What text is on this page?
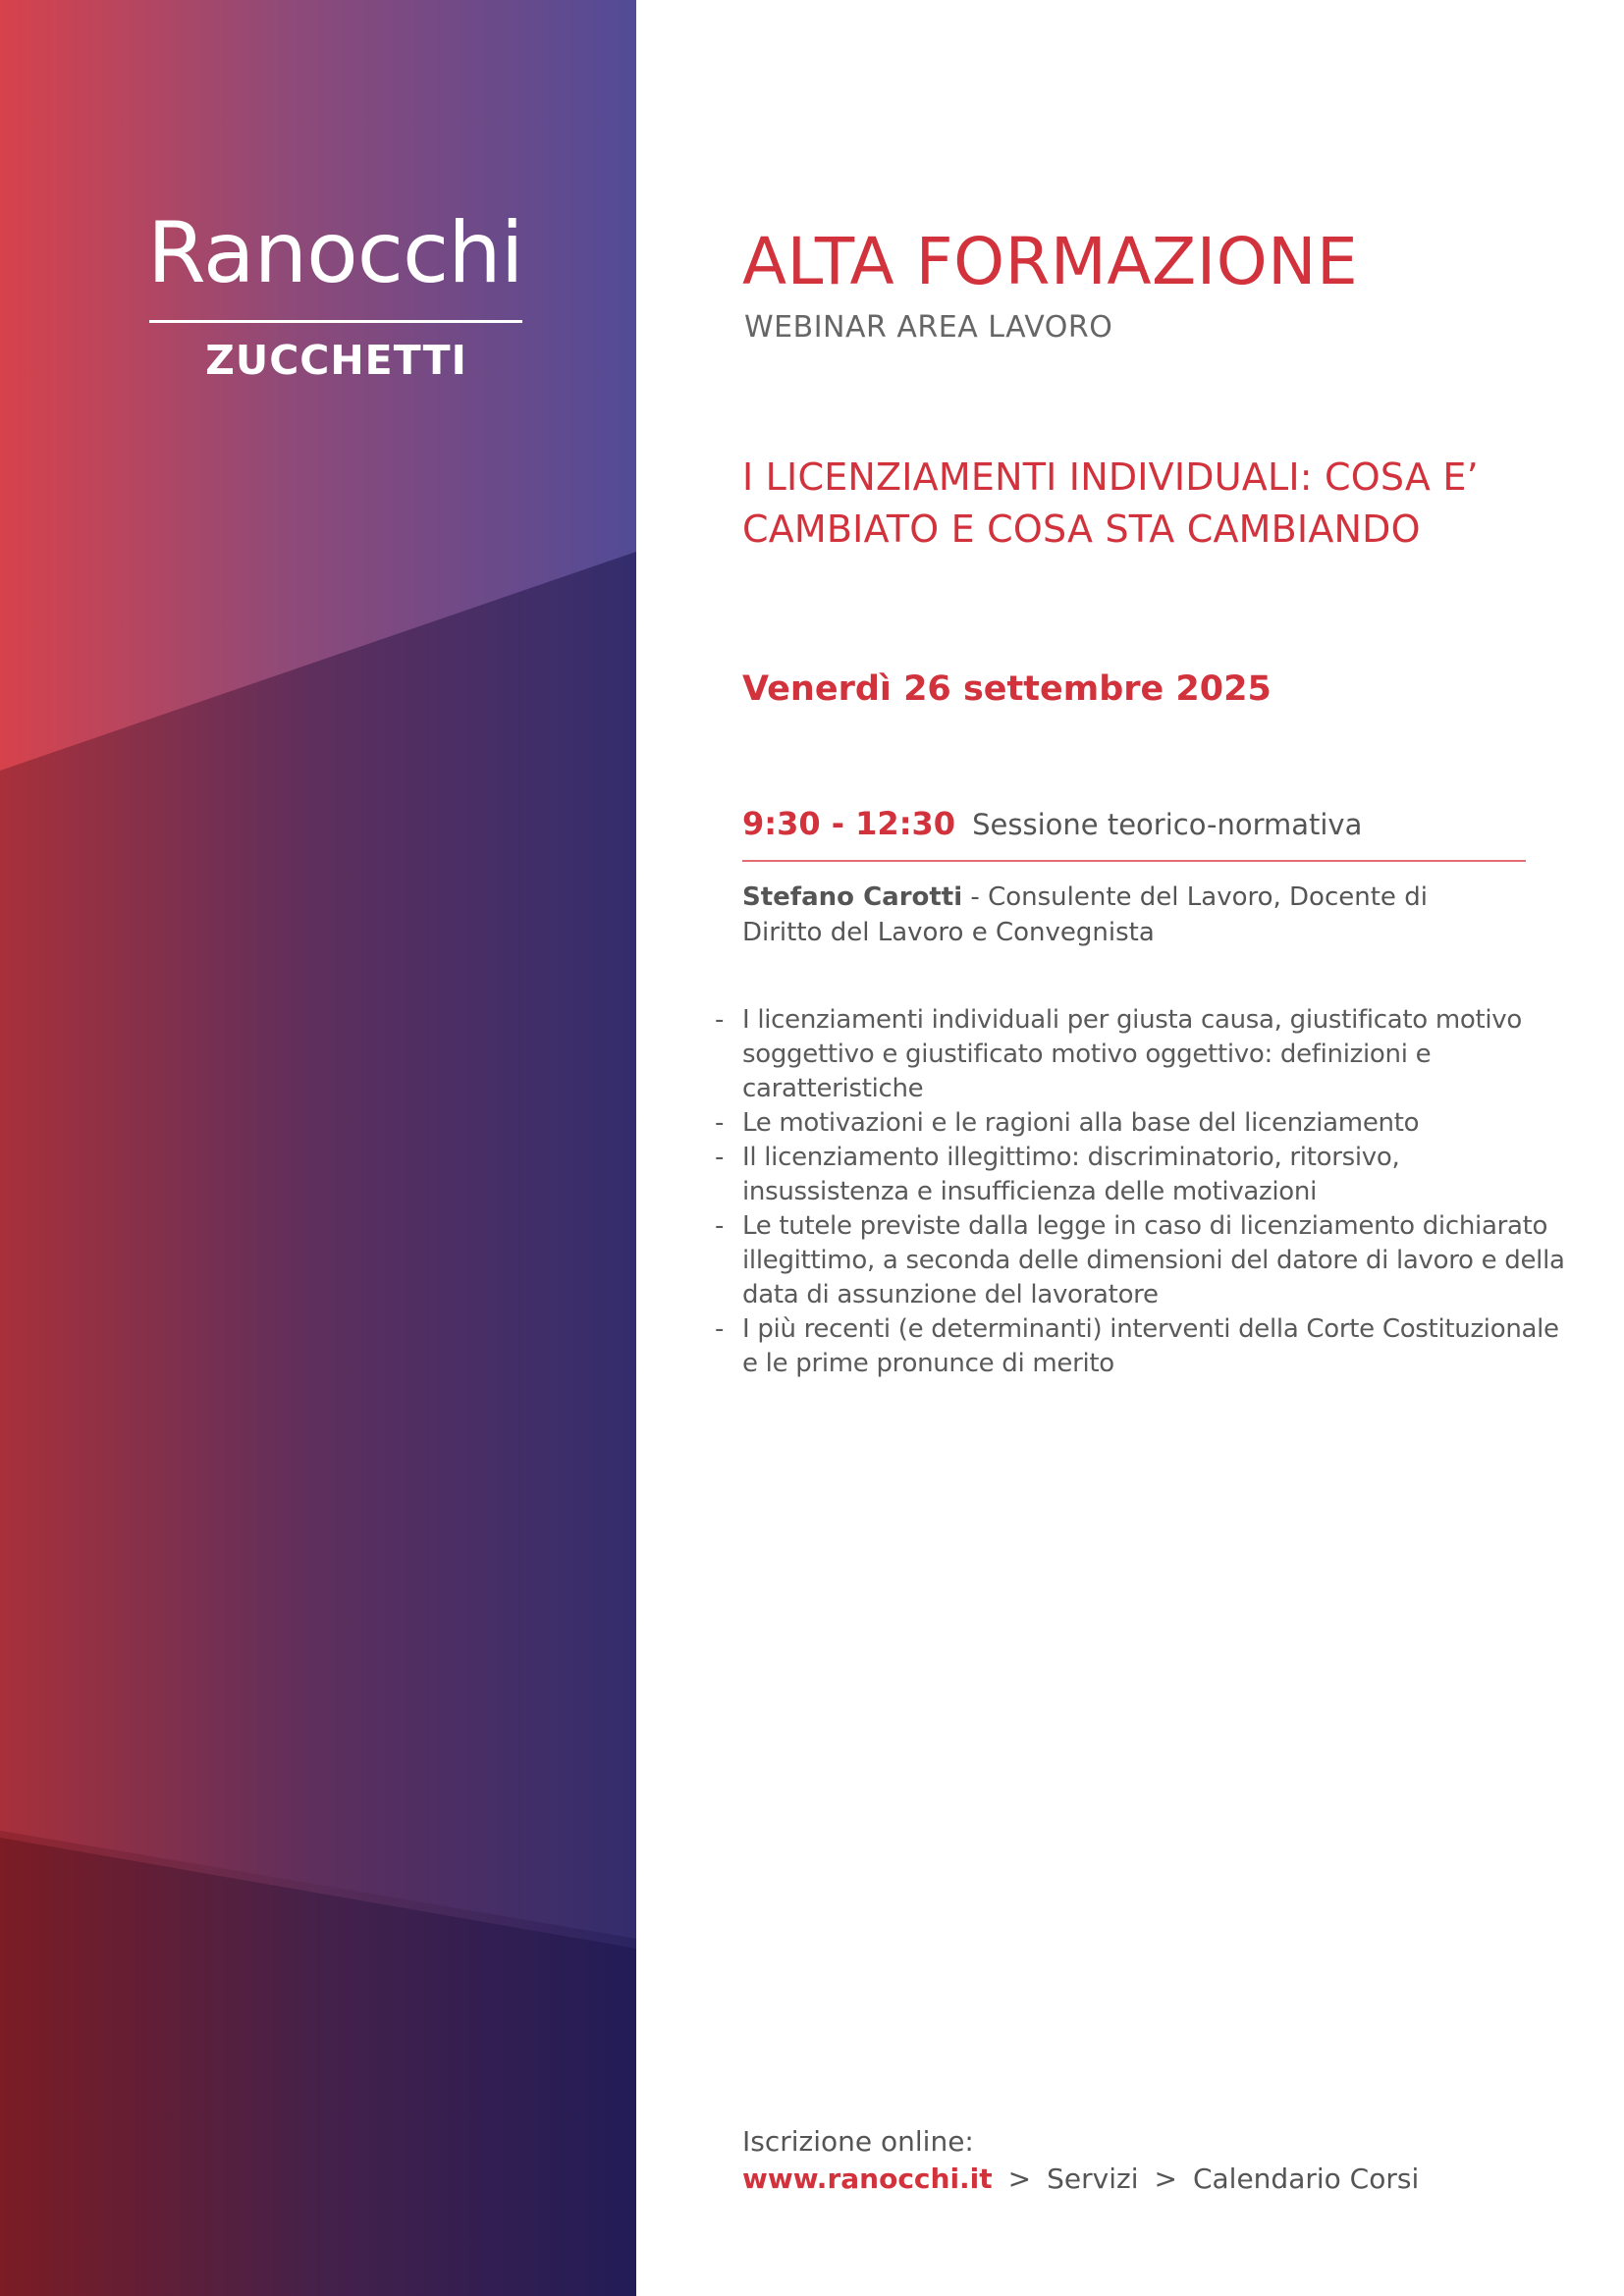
Ranocchi
ZUCCHETTI
ALTA FORMAZIONE
WEBINAR AREA LAVORO
I LICENZIAMENTI INDIVIDUALI: COSA E’ CAMBIATO E COSA STA CAMBIANDO
Venerdì 26 settembre 2025
9:30 - 12:30 Sessione teorico-normativa
Stefano Carotti - Consulente del Lavoro, Docente di Diritto del Lavoro e Convegnista
- I licenziamenti individuali per giusta causa, giustificato motivo soggettivo e giustificato motivo oggettivo: definizioni e caratteristiche
- Le motivazioni e le ragioni alla base del licenziamento
- Il licenziamento illegittimo: discriminatorio, ritorsivo, insussistenza e insufficienza delle motivazioni
- Le tutele previste dalla legge in caso di licenziamento dichiarato illegittimo, a seconda delle dimensioni del datore di lavoro e della data di assunzione del lavoratore
- I più recenti (e determinanti) interventi della Corte Costituzionale e le prime pronunce di merito
Iscrizione online:
www.ranocchi.it > Servizi > Calendario Corsi
